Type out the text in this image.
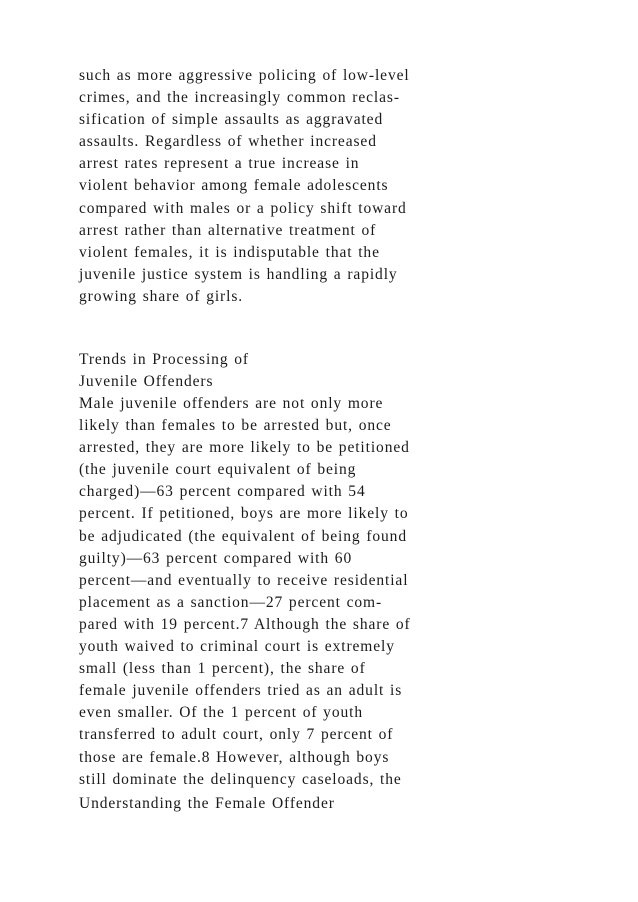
such as more aggressive policing of low-level
crimes, and the increasingly common reclas-
sification of simple assaults as aggravated
assaults. Regardless of whether increased
arrest rates represent a true increase in
violent behavior among female adolescents
compared with males or a policy shift toward
arrest rather than alternative treatment of
violent females, it is indisputable that the
juvenile justice system is handling a rapidly
growing share of girls.
Trends in Processing of
Juvenile Offenders
Male juvenile offenders are not only more
likely than females to be arrested but, once
arrested, they are more likely to be petitioned
(the juvenile court equivalent of being
charged)—63 percent compared with 54
percent. If petitioned, boys are more likely to
be adjudicated (the equivalent of being found
guilty)—63 percent compared with 60
percent—and eventually to receive residential
placement as a sanction—27 percent com-
pared with 19 percent.7 Although the share of
youth waived to criminal court is extremely
small (less than 1 percent), the share of
female juvenile offenders tried as an adult is
even smaller. Of the 1 percent of youth
transferred to adult court, only 7 percent of
those are female.8 However, although boys
still dominate the delinquency caseloads, the
Understanding the Female Offender
